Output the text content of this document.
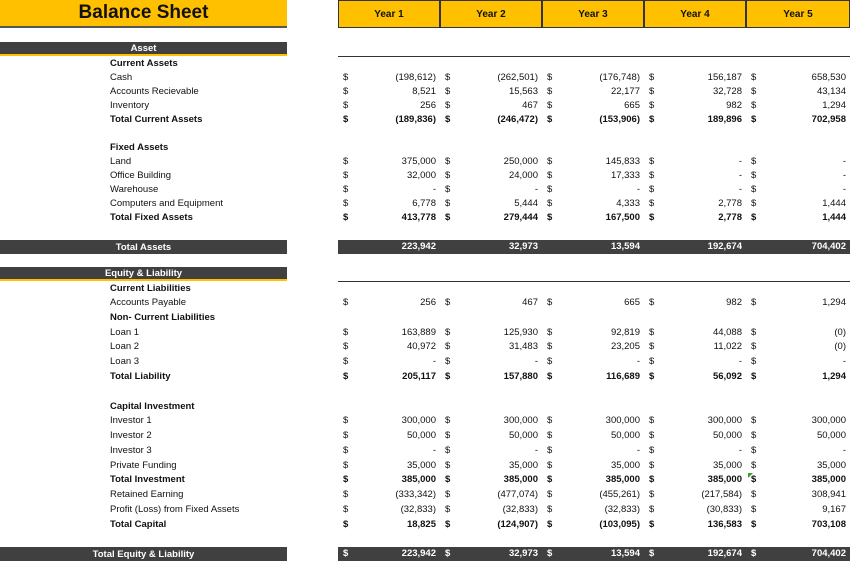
Balance Sheet	Year 1	Year 2	Year 3	Year 4	Year 5
Asset
Equity & Liability
Current Assets
Cash	$	(198,612) $	(262,501) $	(176,748) $	156,187 $	658,530
Accounts Recievable	$	8,521 $	15,563 $	22,177 $	32,728 $	43,134
Inventory	$	256 $	467 $	665 $	982 $	1,294
Total Current Assets	$	(189,836) $	(246,472) $	(153,906) $	189,896 $	702,958
Fixed Assets
Land	$	375,000 $	250,000 $	145,833 $	- $	-
Office Building	$	32,000 $	24,000 $	17,333 $	- $	-
Warehouse	$	- $	- $	- $	- $	-
Computers and Equipment	$	6,778 $	5,444 $	4,333 $	2,778 $	1,444
Total Fixed Assets	$	413,778 $	279,444 $	167,500 $	2,778 $	1,444
Current Liabilities
Accounts Payable	$	256 $	467 $	665 $	982 $	1,294
Non- Current Liabilities
Loan 1	$	163,889 $	125,930 $	92,819 $	44,088 $	(0)
Loan 2	$	40,972 $	31,483 $	23,205 $	11,022 $	(0)
Loan 3	$	- $	- $	- $	- $	-
Total Liability	$	205,117 $	157,880 $	116,689 $	56,092 $	1,294
Capital Investment
Investor 1	$	300,000 $	300,000 $	300,000 $	300,000 $	300,000
Investor 2	$	50,000 $	50,000 $	50,000 $	50,000 $	50,000
Investor 3	$	- $	- $	- $	- $	-
Private Funding	$	35,000 $	35,000 $	35,000 $	35,000 $	35,000
Total Investment	$	385,000 $	385,000 $	385,000 $	385,000 $	385,000
Retained Earning	$	(333,342) $	(477,074) $	(455,261) $	(217,584) $	308,941
Profit (Loss) from Fixed Assets	$	(32,833) $	(32,833) $	(32,833) $	(30,833) $	9,167
Total Capital	$	18,825 $	(124,907) $	(103,095) $	136,583 $	703,108
Total Assets	223,942	32,973	13,594	192,674	704,402
Total Equity & Liability	$	223,942 $	32,973 $	13,594 $	192,674 $	704,402
